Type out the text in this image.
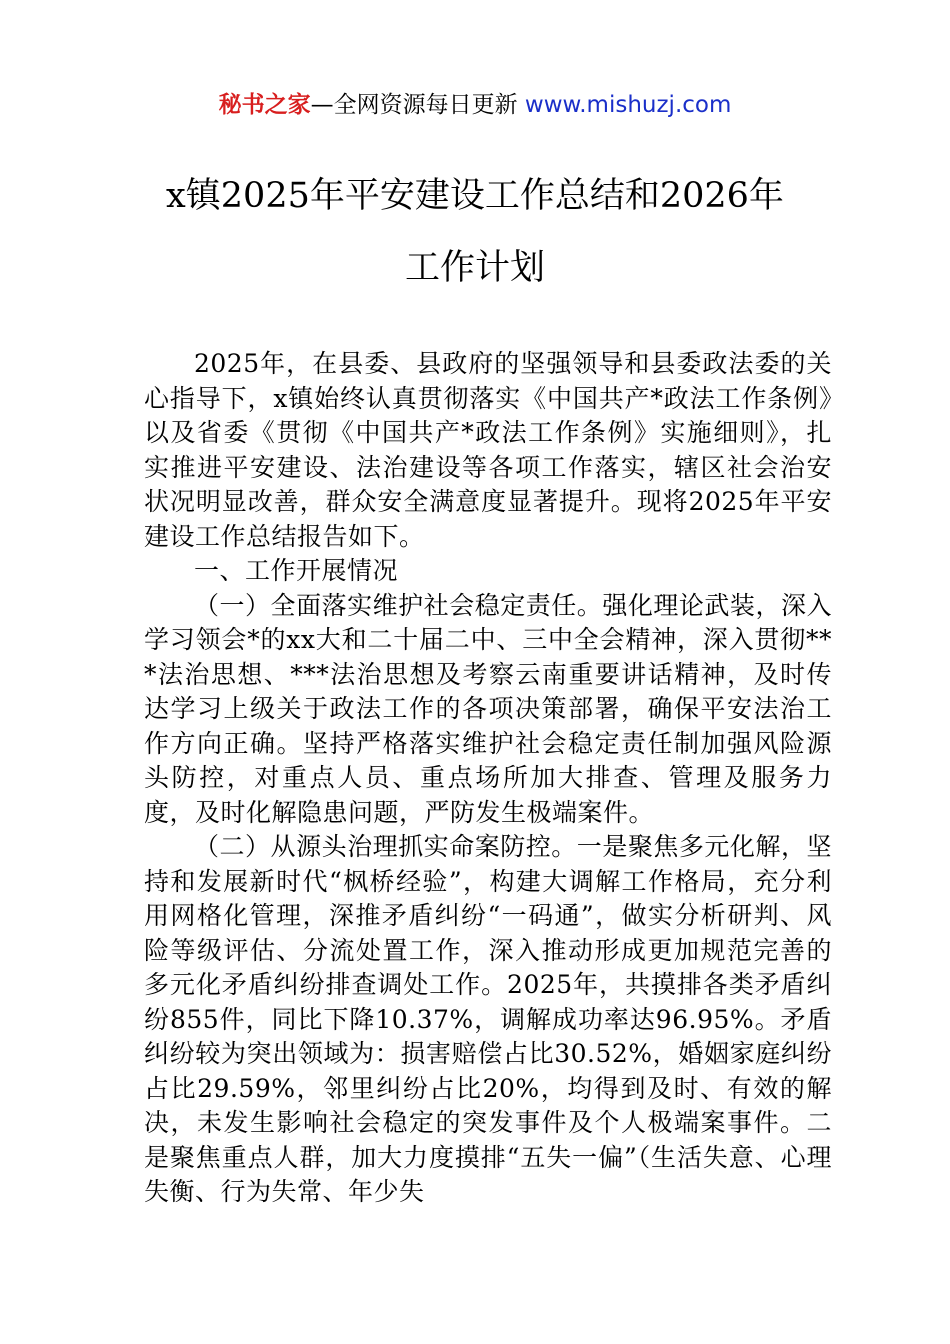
秘书之家—全网资源每日更新 www.mishuzj.com
x镇2025年平安建设工作总结和2026年
工作计划

2025年，在县委、县政府的坚强领导和县委政法委的关心指导下，x镇始终认真贯彻落实《中国共产*政法工作条例》以及省委《贯彻《中国共产*政法工作条例》实施细则》，扎实推进平安建设、法治建设等各项工作落实，辖区社会治安状况明显改善，群众安全满意度显著提升。现将2025年平安建设工作总结报告如下。

一、工作开展情况

（一）全面落实维护社会稳定责任。强化理论武装，深入学习领会*的xx大和二十届二中、三中全会精神，深入贯彻***法治思想、***法治思想及考察云南重要讲话精神，及时传达学习上级关于政法工作的各项决策部署，确保平安法治工作方向正确。坚持严格落实维护社会稳定责任制加强风险源头防控，对重点人员、重点场所加大排查、管理及服务力度，及时化解隐患问题，严防发生极端案件。

（二）从源头治理抓实命案防控。一是聚焦多元化解，坚持和发展新时代“枫桥经验”，构建大调解工作格局，充分利用网格化管理，深推矛盾纠纷“一码通”，做实分析研判、风险等级评估、分流处置工作，深入推动形成更加规范完善的多元化矛盾纠纷排查调处工作。2025年，共摸排各类矛盾纠纷855件，同比下降10.37%，调解成功率达96.95%。矛盾纠纷较为突出领域为：损害赔偿占比30.52%，婚姻家庭纠纷占比29.59%，邻里纠纷占比20%，均得到及时、有效的解决，未发生影响社会稳定的突发事件及个人极端案事件。二是聚焦重点人群，加大力度摸排“五失一偏”（生活失意、心理失衡、行为失常、年少失
